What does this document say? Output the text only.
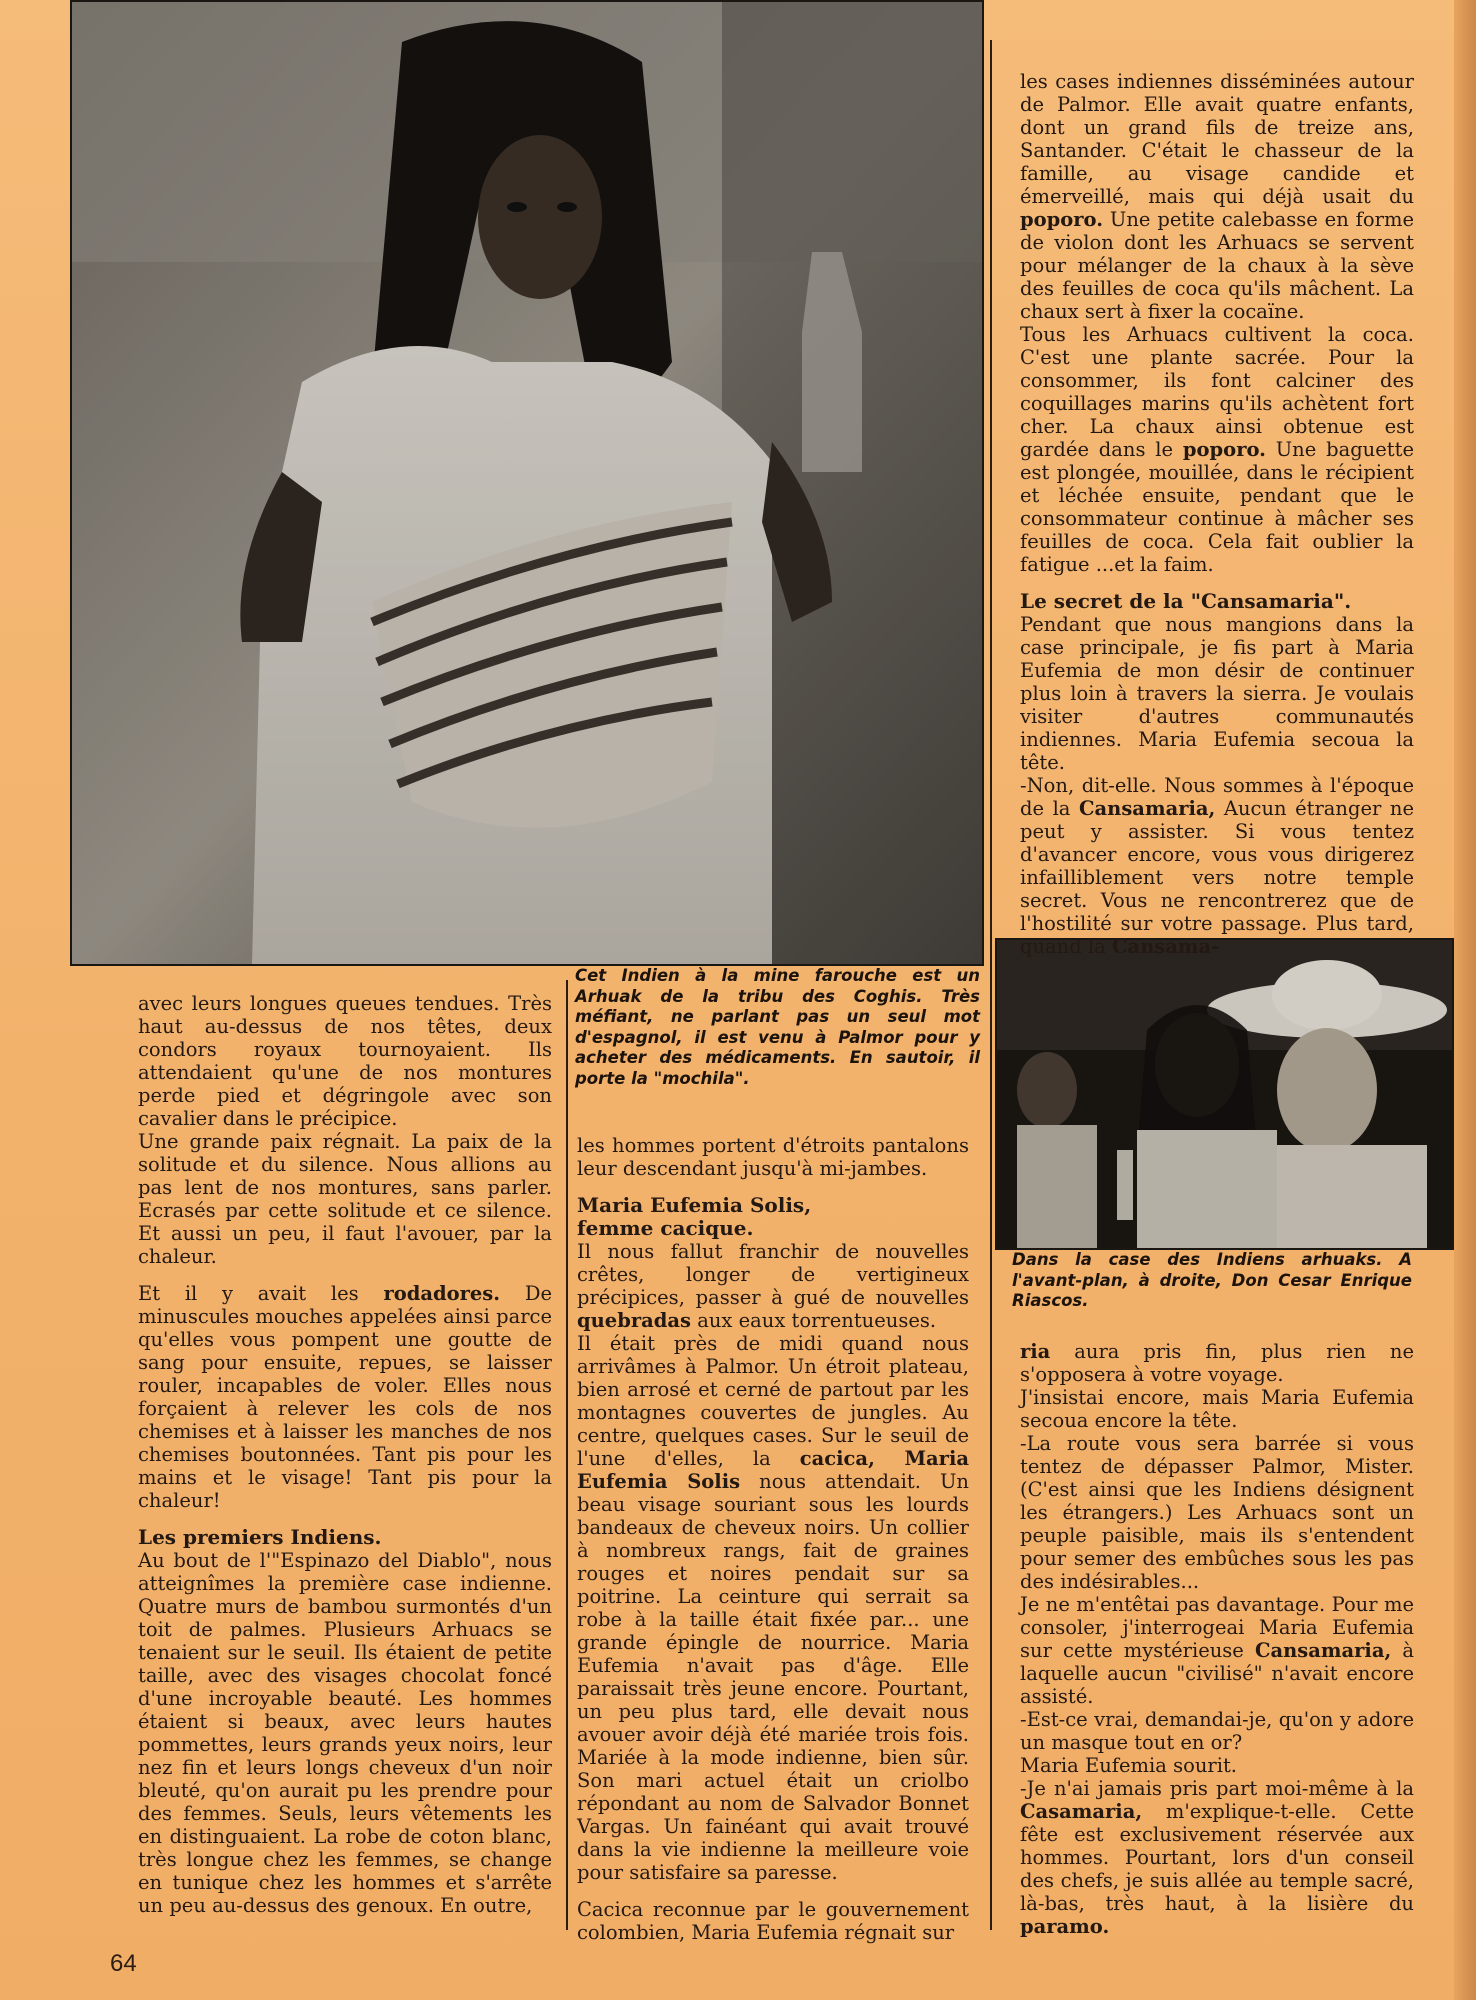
avec leurs longues queues tendues. Très haut au-dessus de nos têtes, deux condors royaux tournoyaient. Ils attendaient qu'une de nos montures perde pied et dégringole avec son cavalier dans le précipice.

Une grande paix régnait. La paix de la solitude et du silence. Nous allions au pas lent de nos montures, sans parler. Ecrasés par cette solitude et ce silence. Et aussi un peu, il faut l'avouer, par la chaleur.

Et il y avait les rodadores. De minuscules mouches appelées ainsi parce qu'elles vous pompent une goutte de sang pour ensuite, repues, se laisser rouler, incapables de voler. Elles nous forçaient à relever les cols de nos chemises et à laisser les manches de nos chemises boutonnées. Tant pis pour les mains et le visage! Tant pis pour la chaleur!

Les premiers Indiens.

Au bout de l'"Espinazo del Diablo", nous atteignîmes la première case indienne. Quatre murs de bambou surmontés d'un toit de palmes. Plusieurs Arhuacs se tenaient sur le seuil. Ils étaient de petite taille, avec des visages chocolat foncé d'une incroyable beauté. Les hommes étaient si beaux, avec leurs hautes pommettes, leurs grands yeux noirs, leur nez fin et leurs longs cheveux d'un noir bleuté, qu'on aurait pu les prendre pour des femmes. Seuls, leurs vêtements les en distinguaient. La robe de coton blanc, très longue chez les femmes, se change en tunique chez les hommes et s'arrête un peu au-dessus des genoux. En outre,

Cet Indien à la mine farouche est un Arhuak de la tribu des Coghis. Très méfiant, ne parlant pas un seul mot d'espagnol, il est venu à Palmor pour y acheter des médicaments. En sautoir, il porte la "mochila".

les hommes portent d'étroits pantalons leur descendant jusqu'à mi-jambes.

Maria Eufemia Solis,

femme cacique.

Il nous fallut franchir de nouvelles crêtes, longer de vertigineux précipices, passer à gué de nouvelles quebradas aux eaux torrentueuses.

Il était près de midi quand nous arrivâmes à Palmor. Un étroit plateau, bien arrosé et cerné de partout par les montagnes couvertes de jungles. Au centre, quelques cases. Sur le seuil de l'une d'elles, la cacica, Maria Eufemia Solis nous attendait. Un beau visage souriant sous les lourds bandeaux de cheveux noirs. Un collier à nombreux rangs, fait de graines rouges et noires pendait sur sa poitrine. La ceinture qui serrait sa robe à la taille était fixée par... une grande épingle de nourrice. Maria Eufemia n'avait pas d'âge. Elle paraissait très jeune encore. Pourtant, un peu plus tard, elle devait nous avouer avoir déjà été mariée trois fois. Mariée à la mode indienne, bien sûr. Son mari actuel était un criolbo répondant au nom de Salvador Bonnet Vargas. Un fainéant qui avait trouvé dans la vie indienne la meilleure voie pour satisfaire sa paresse.

Cacica reconnue par le gouvernement colombien, Maria Eufemia régnait sur

les cases indiennes disséminées autour de Palmor. Elle avait quatre enfants, dont un grand fils de treize ans, Santander. C'était le chasseur de la famille, au visage candide et émerveillé, mais qui déjà usait du poporo. Une petite calebasse en forme de violon dont les Arhuacs se servent pour mélanger de la chaux à la sève des feuilles de coca qu'ils mâchent. La chaux sert à fixer la cocaïne.

Tous les Arhuacs cultivent la coca. C'est une plante sacrée. Pour la consommer, ils font calciner des coquillages marins qu'ils achètent fort cher. La chaux ainsi obtenue est gardée dans le poporo. Une baguette est plongée, mouillée, dans le récipient et léchée ensuite, pendant que le consommateur continue à mâcher ses feuilles de coca. Cela fait oublier la fatigue ...et la faim.

Le secret de la "Cansamaria".

Pendant que nous mangions dans la case principale, je fis part à Maria Eufemia de mon désir de continuer plus loin à travers la sierra. Je voulais visiter d'autres communautés indiennes. Maria Eufemia secoua la tête.

-Non, dit-elle. Nous sommes à l'époque de la Cansamaria, Aucun étranger ne peut y assister. Si vous tentez d'avancer encore, vous vous dirigerez infailliblement vers notre temple secret. Vous ne rencontrerez que de l'hostilité sur votre passage. Plus tard, quand la Cansama-

Dans la case des Indiens arhuaks. A l'avant-plan, à droite, Don Cesar Enrique Riascos.

ria aura pris fin, plus rien ne s'opposera à votre voyage.

J'insistai encore, mais Maria Eufemia secoua encore la tête.

-La route vous sera barrée si vous tentez de dépasser Palmor, Mister. (C'est ainsi que les Indiens désignent les étrangers.) Les Arhuacs sont un peuple paisible, mais ils s'entendent pour semer des embûches sous les pas des indésirables...

Je ne m'entêtai pas davantage. Pour me consoler, j'interrogeai Maria Eufemia sur cette mystérieuse Cansamaria, à laquelle aucun "civilisé" n'avait encore assisté.

-Est-ce vrai, demandai-je, qu'on y adore un masque tout en or?

Maria Eufemia sourit.

-Je n'ai jamais pris part moi-même à la Casamaria, m'explique-t-elle. Cette fête est exclusivement réservée aux hommes. Pourtant, lors d'un conseil des chefs, je suis allée au temple sacré, là-bas, très haut, à la lisière du paramo.

64
